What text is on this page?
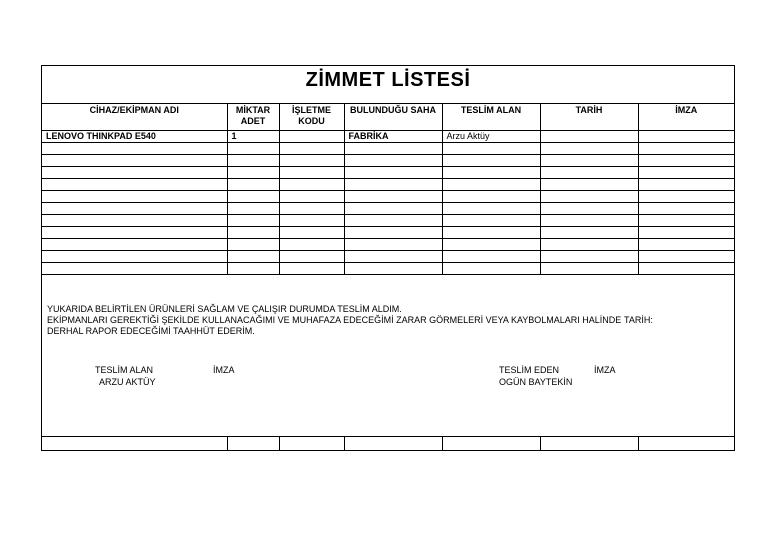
ZİMMET LİSTESİ
CİHAZ/EKİPMAN ADI	MİKTAR ADET	İŞLETME KODU	BULUNDUĞU SAHA	TESLİM ALAN	TARİH	İMZA
LENOVO THINKPAD E540	1		FABRİKA	Arzu Aktüy		

YUKARIDA BELİRTİLEN ÜRÜNLERİ SAĞLAM VE ÇALIŞIR DURUMDA TESLİM ALDIM.
EKİPMANLARI GEREKTİĞİ ŞEKİLDE KULLANACAĞIMI VE MUHAFAZA EDECEĞİMİ ZARAR GÖRMELERİ VEYA KAYBOLMALARI HALİNDE TARİH:
DERHAL RAPOR EDECEĞİMİ TAAHHÜT EDERİM.
TESLİM ALAN	İMZA
ARZU AKTÜY
TESLİM EDEN	İMZA
OGÜN BAYTEKİN
